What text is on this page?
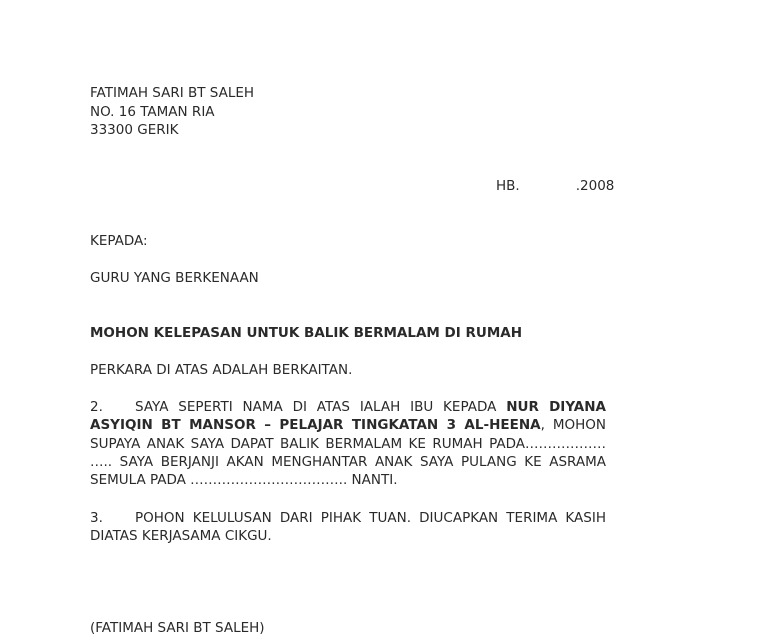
FATIMAH SARI BT SALEH
NO. 16 TAMAN RIA
33300 GERIK
KEPADA:
GURU YANG BERKENAAN
MOHON KELEPASAN UNTUK BALIK BERMALAM DI RUMAH
PERKARA DI ATAS ADALAH BERKAITAN.
2. SAYA SEPERTI NAMA DI ATAS IALAH IBU KEPADA NUR DIYANA ASYIQIN BT MANSOR – PELAJAR TINGKATAN 3 AL-HEENA, MOHON SUPAYA ANAK SAYA DAPAT BALIK BERMALAM KE RUMAH PADA……………… ….. SAYA BERJANJI AKAN MENGHANTAR ANAK SAYA PULANG KE ASRAMA SEMULA PADA …………………………….. NANTI.
3. POHON KELULUSAN DARI PIHAK TUAN. DIUCAPKAN TERIMA KASIH DIATAS KERJASAMA CIKGU.
(FATIMAH SARI BT SALEH)
HB.	.2008
